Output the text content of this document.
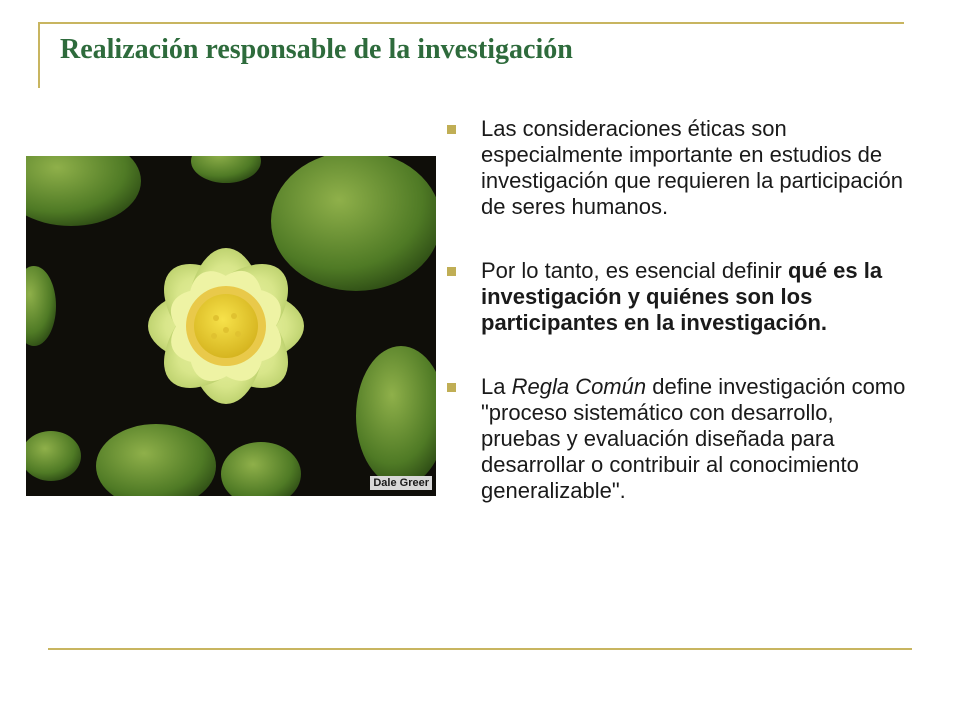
Realización responsable de la investigación
Dale Greer
Las consideraciones éticas son especialmente importante en estudios de investigación que requieren la participación de seres humanos.
Por lo tanto, es esencial definir qué es la investigación y quiénes son los participantes en la investigación.
La Regla Común define investigación como "proceso sistemático con desarrollo, pruebas y evaluación diseñada para desarrollar o contribuir al conocimiento generalizable".
